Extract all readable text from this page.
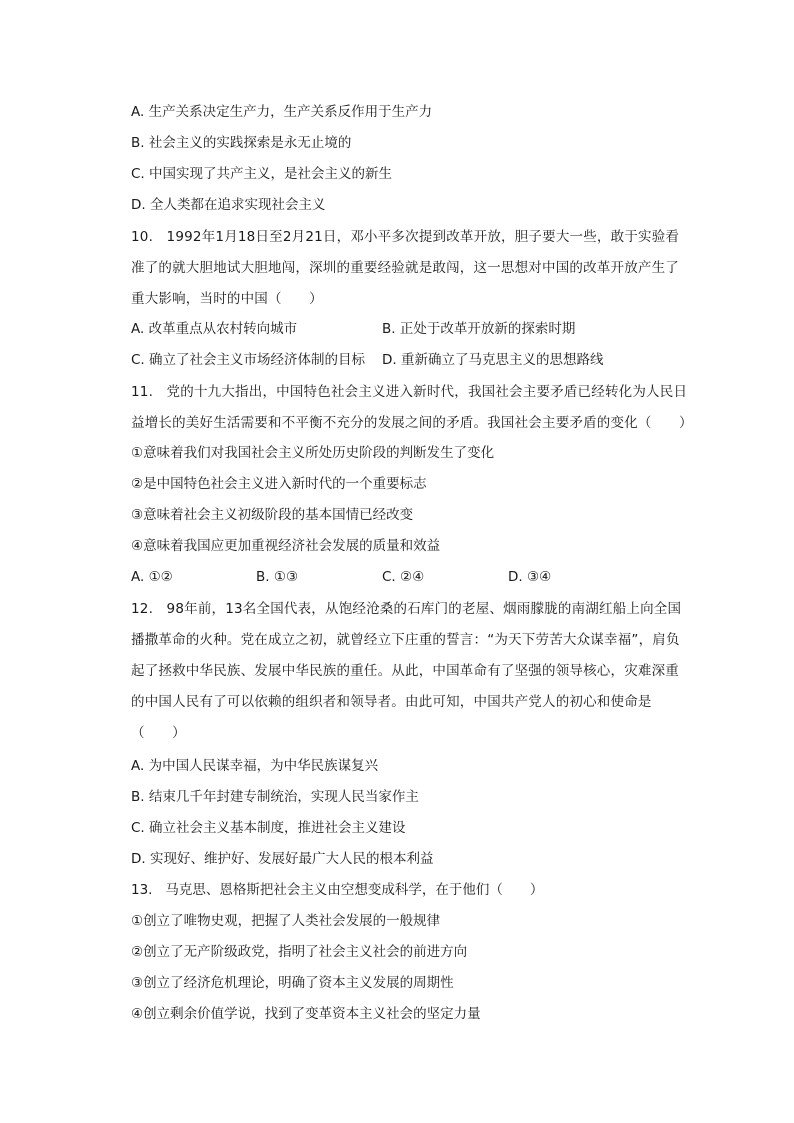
A. 生产关系决定生产力，生产关系反作用于生产力
B. 社会主义的实践探索是永无止境的
C. 中国实现了共产主义，是社会主义的新生
D. 全人类都在追求实现社会主义
10.   1992年1月18日至2月21日，邓小平多次提到改革开放，胆子要大一些，敢于实验看准了的就大胆地试大胆地闯，深圳的重要经验就是敢闯，这一思想对中国的改革开放产生了重大影响，当时的中国（　　）
A. 改革重点从农村转向城市	B. 正处于改革开放新的探索时期
C. 确立了社会主义市场经济体制的目标 D. 重新确立了马克思主义的思想路线
11.   党的十九大指出，中国特色社会主义进入新时代，我国社会主要矛盾已经转化为人民日益增长的美好生活需要和不平衡不充分的发展之间的矛盾。我国社会主要矛盾的变化（　　）
①意味着我们对我国社会主义所处历史阶段的判断发生了变化
②是中国特色社会主义进入新时代的一个重要标志
③意味着社会主义初级阶段的基本国情已经改变
④意味着我国应更加重视经济社会发展的质量和效益
A. ①②	B. ①③	C. ②④	D. ③④
12.   98年前，13名全国代表，从饱经沧桑的石库门的老屋、烟雨朦胧的南湖红船上向全国播撒革命的火种。党在成立之初，就曾经立下庄重的誓言：“为天下劳苦大众谋幸福”，肩负起了拯救中华民族、发展中华民族的重任。从此，中国革命有了坚强的领导核心，灾难深重的中国人民有了可以依赖的组织者和领导者。由此可知，中国共产党人的初心和使命是（　　）
A. 为中国人民谋幸福，为中华民族谋复兴
B. 结束几千年封建专制统治，实现人民当家作主
C. 确立社会主义基本制度，推进社会主义建设
D. 实现好、维护好、发展好最广大人民的根本利益
13.   马克思、恩格斯把社会主义由空想变成科学，在于他们（　　）
①创立了唯物史观，把握了人类社会发展的一般规律
②创立了无产阶级政党，指明了社会主义社会的前进方向
③创立了经济危机理论，明确了资本主义发展的周期性
④创立剩余价值学说，找到了变革资本主义社会的坚定力量
